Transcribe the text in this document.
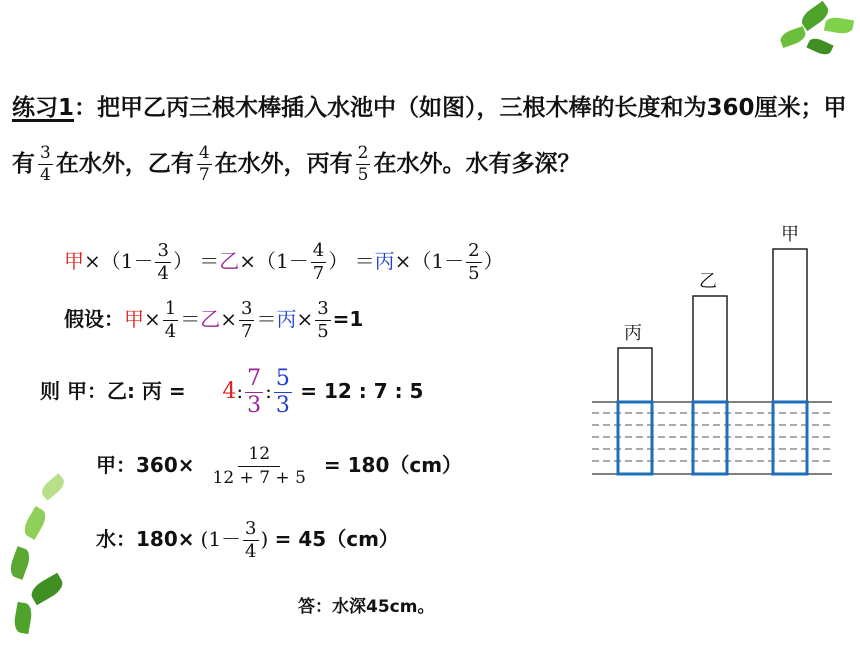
练习1：把甲乙丙三根木棒插入水池中（如图），三根木棒的长度和为360厘米；甲有 $\frac{3}{4}$ 在水外，乙有 $\frac{4}{7}$ 在水外，丙有 $\frac{2}{5}$ 在水外。水有多深？
甲$\times(1- \frac{3}{4}$ ） ＝乙$\times(1- \frac{4}{7}$ ） ＝丙$\times(1- \frac{2}{5}$ ）
假设：甲× $\frac{1}{4}$ ＝乙× $\frac{3}{7}$ ＝丙× $\frac{3}{5} =1$
则 甲：乙: 丙 = 4: $\frac{7}{3}$ : $\frac{5}{3} = 12$ : 7 : 5
甲：$360\times \frac{12}{12 + 7 + 5} = 180(cm)$
水：$180\times (1- \frac{3}{4}$ ) = 45（cm）
答：水深45cm。
丙
乙
甲
